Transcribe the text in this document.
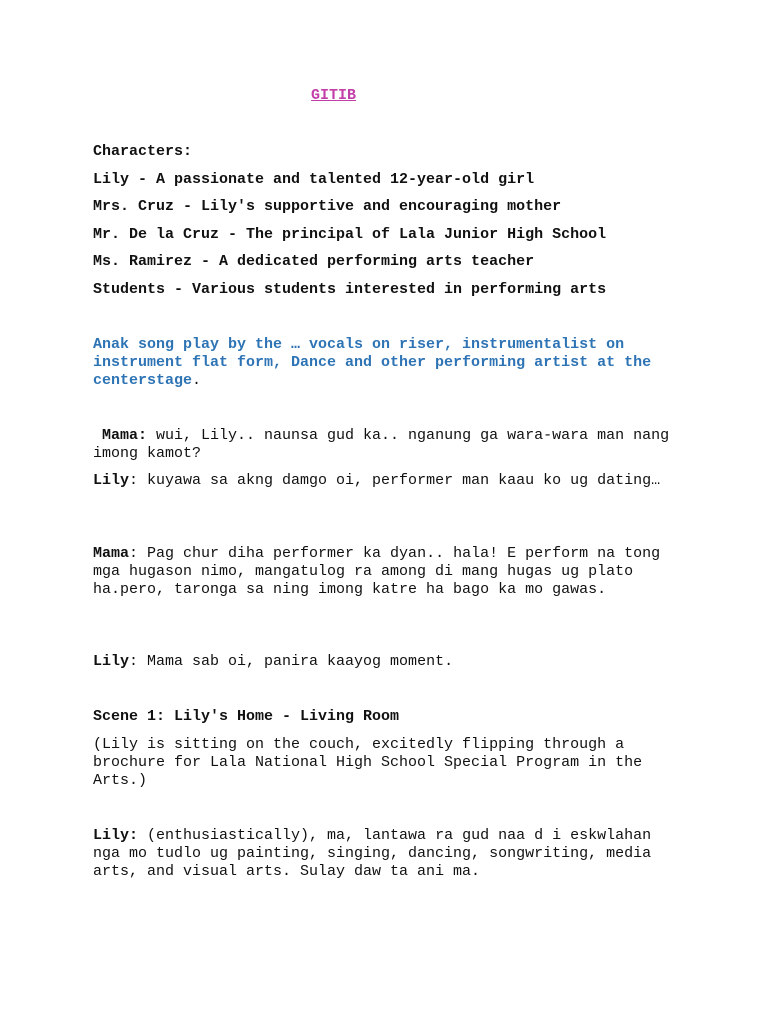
GITIB

Characters:

Lily - A passionate and talented 12-year-old girl

Mrs. Cruz - Lily's supportive and encouraging mother

Mr. De la Cruz - The principal of Lala Junior High School

Ms. Ramirez - A dedicated performing arts teacher

Students - Various students interested in performing arts

Anak song play by the … vocals on riser, instrumentalist on instrument flat form, Dance and other performing artist at the centerstage.

Mama: wui, Lily.. naunsa gud ka.. nganung ga wara-wara man nang imong kamot?

Lily: kuyawa sa akng damgo oi, performer man kaau ko ug dating…

Mama: Pag chur diha performer ka dyan.. hala! E perform na tong mga hugason nimo, mangatulog ra among di mang hugas ug plato ha.pero, taronga sa ning imong katre ha bago ka mo gawas.

Lily: Mama sab oi, panira kaayog moment.

Scene 1: Lily's Home - Living Room

(Lily is sitting on the couch, excitedly flipping through a brochure for Lala National High School Special Program in the Arts.)

Lily: (enthusiastically), ma, lantawa ra gud naa d i eskwlahan nga mo tudlo ug painting, singing, dancing, songwriting, media arts, and visual arts. Sulay daw ta ani ma.
